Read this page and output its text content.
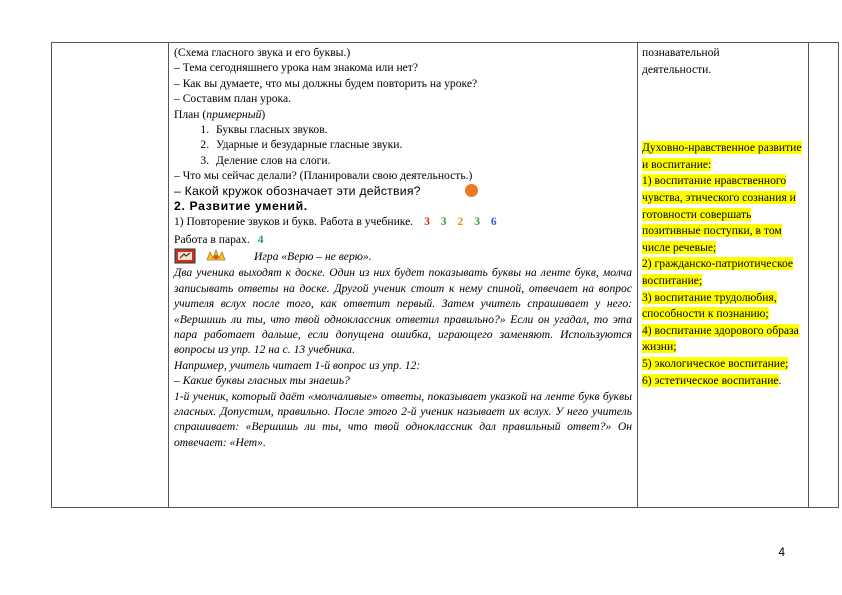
(Схема гласного звука и его буквы.)

– Тема сегодняшнего урока нам знакома или нет?

– Как вы думаете, что мы должны будем повторить на уроке?

– Составим план урока.

План (примерный)

1. Буквы гласных звуков.
2. Ударные и безударные гласные звуки.
3. Деление слов на слоги.

– Что мы сейчас делали? (Планировали свою деятельность.)

– Какой кружок обозначает эти действия?

2. Развитие умений.

1) Повторение звуков и букв. Работа в учебнике. 3 3 2 3 6

Работа в парах. 4

Игра «Верю – не верю».

Два ученика выходят к доске. Один из них будет показывать буквы на ленте букв, молча записывать ответы на доске. Другой ученик стоит к нему спиной, отвечает на вопрос учителя вслух после того, как ответит первый. Затем учитель спрашивает у него: «Вершишь ли ты, что твой одноклассник ответил правильно?» Если он угадал, то эта пара работает дальше, если допущена ошибка, играющего заменяют. Используются вопросы из упр. 12 на с. 13 учебника.

Например, учитель читает 1-й вопрос из упр. 12:

– Какие буквы гласных ты знаешь?

1-й ученик, который даёт «молчаливые» ответы, показывает указкой на ленте букв буквы гласных. Допустим, правильно. После этого 2-й ученик называет их вслух. У него учитель спрашивает: «Вершишь ли ты, что твой одноклассник дал правильный ответ?» Он отвечает: «Нет».

познавательной

деятельности.

Духовно-нравственное развитие и воспитание:

1) воспитание нравственного чувства, этического сознания и готовности совершать позитивные поступки, в том числе речевые;

2) гражданско-патриотическое воспитание;

3) воспитание трудолюбия, способности к познанию;

4) воспитание здорового образа жизни;

5) экологическое воспитание;

6) эстетическое воспитание.

4
